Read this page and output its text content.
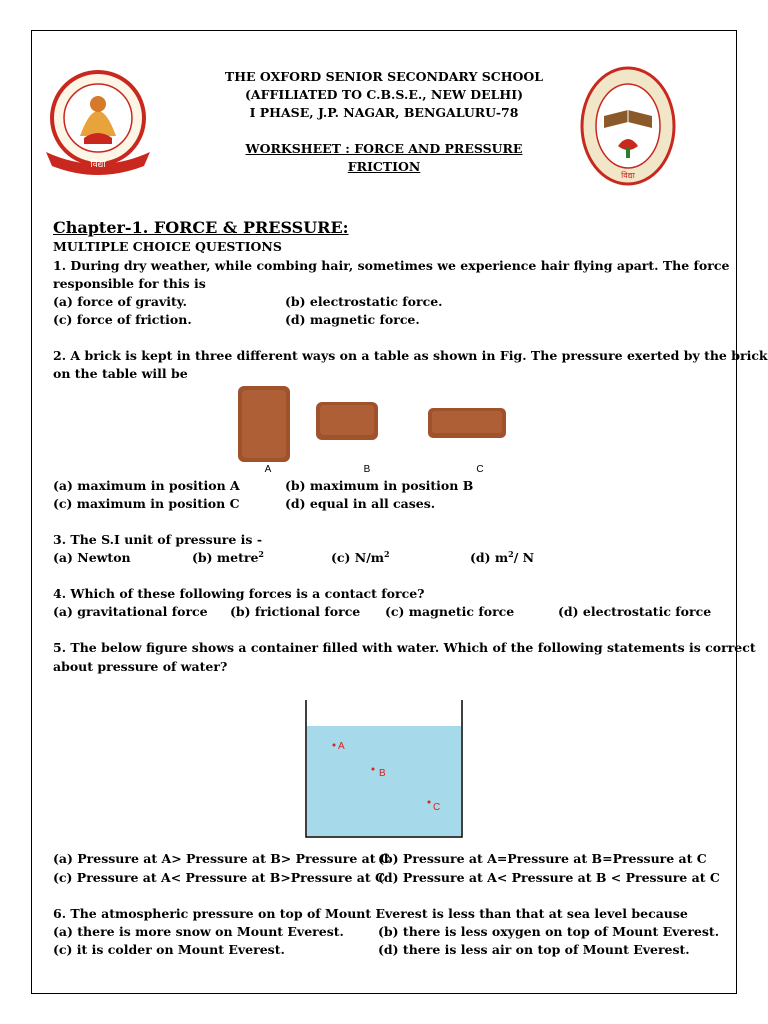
विद्या
विद्या
THE OXFORD SENIOR SECONDARY SCHOOL
(AFFILIATED TO C.B.S.E., NEW DELHI)
I PHASE, J.P. NAGAR, BENGALURU-78
WORKSHEET : FORCE AND PRESSURE
FRICTION
Chapter-1. FORCE & PRESSURE:
MULTIPLE CHOICE QUESTIONS
1. During dry weather, while combing hair, sometimes we experience hair flying apart. The force
responsible for this is
(a) force of gravity.	(b) electrostatic force.
(c) force of friction.	(d) magnetic force.
2. A brick is kept in three different ways on a table as shown in Fig. The pressure exerted by the brick
on the table will be
A	B	C
(a) maximum in position A	(b) maximum in position B
(c) maximum in position C	(d) equal in all cases.
3. The S.I unit of pressure is -
(a) Newton	(b) metre$^2$	(c) $N/m^2$	(d) $m^2/$ N
4. Which of these following forces is a contact force?
(a) gravitational force (b) frictional force (c) magnetic force	(d) electrostatic force
5. The below figure shows a container filled with water. Which of the following statements is correct
about pressure of water?
A
B
C
(a) Pressure at A> Pressure at B> Pressure at C
(b) Pressure at A=Pressure at B=Pressure at C
(c) Pressure at A< Pressure at B>Pressure at C
(d) Pressure at A< Pressure at B < Pressure at C
6. The atmospheric pressure on top of Mount Everest is less than that at sea level because
(a) there is more snow on Mount Everest.	(b) there is less oxygen on top of Mount Everest.
(c) it is colder on Mount Everest.	(d) there is less air on top of Mount Everest.
